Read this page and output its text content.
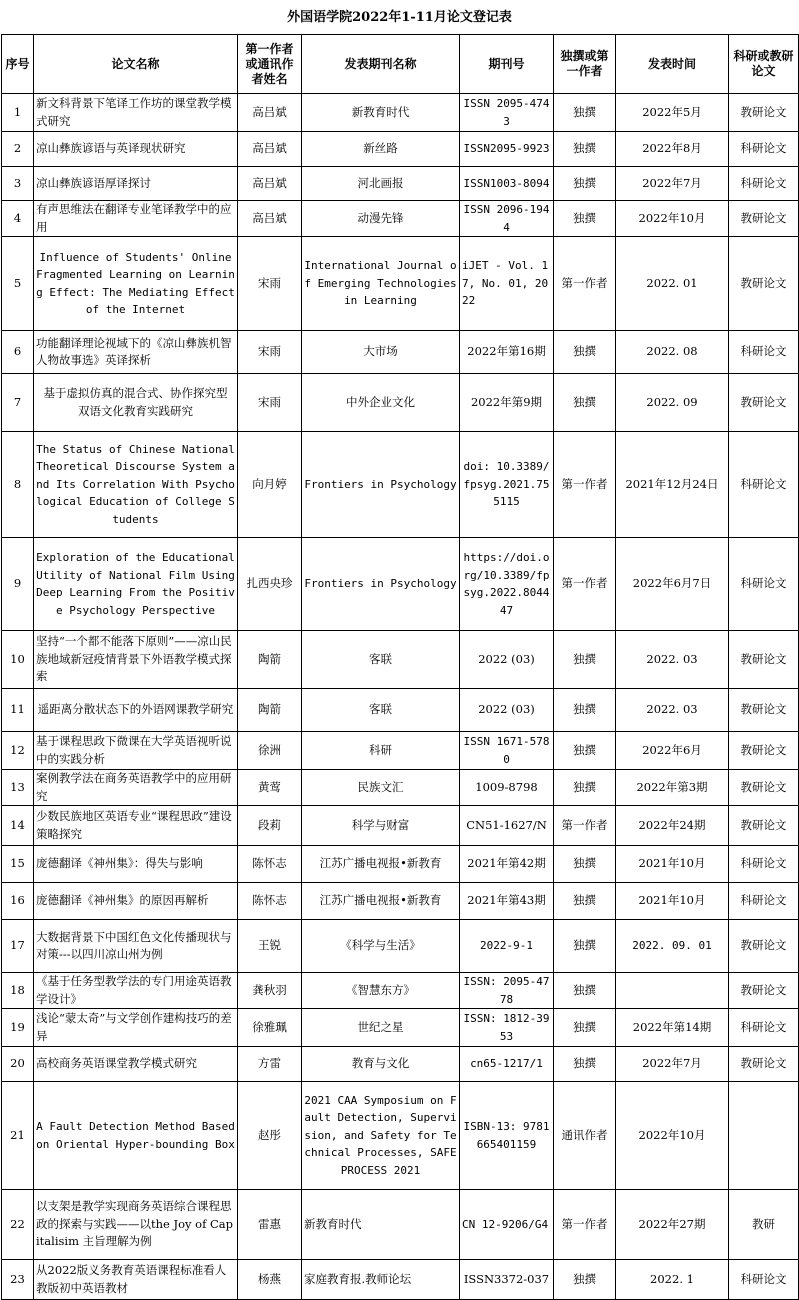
外国语学院2022年1-11月论文登记表
序号	论文名称	第一作者或通讯作者姓名	发表期刊名称	期刊号	独撰或第一作者	发表时间	科研或教研论文
1	新文科背景下笔译工作坊的课堂教学模式研究	高吕斌	新教育时代	ISSN 2095-4743	独撰	2022年5月	教研论文
2	凉山彝族谚语与英译现状研究	高吕斌	新丝路	ISSN2095-9923	独撰	2022年8月	科研论文
3	凉山彝族谚语厚译探讨	高吕斌	河北画报	ISSN1003-8094	独撰	2022年7月	科研论文
4	有声思维法在翻译专业笔译教学中的应用	高吕斌	动漫先锋	ISSN 2096-1944	独撰	2022年10月	教研论文
5	Influence of Students' Online Fragmented Learning on Learning Effect: The Mediating Effect of the Internet	宋雨	International Journal of Emerging Technologies in Learning	iJET - Vol. 17, No. 01, 2022	第一作者	2022. 01	教研论文
6	功能翻译理论视域下的《凉山彝族机智人物故事选》英译探析	宋雨	大市场	2022年第16期	独撰	2022. 08	科研论文
7	基于虚拟仿真的混合式、协作探究型 双语文化教育实践研究	宋雨	中外企业文化	2022年第9期	独撰	2022. 09	教研论文
8	The Status of Chinese National Theoretical Discourse System and Its Correlation With Psychological Education of College Students	向月婷	Frontiers in Psychology	doi: 10.3389/fpsyg.2021.755115	第一作者	2021年12月24日	科研论文
9	Exploration of the Educational Utility of National Film Using Deep Learning From the Positive Psychology Perspective	扎西央珍	Frontiers in Psychology	https://doi.org/10.3389/fpsyg.2022.804447	第一作者	2022年6月7日	科研论文
10	坚持“一个都不能落下原则”——凉山民族地域新冠疫情背景下外语教学模式探索	陶箭	客联	2022 (03)	独撰	2022. 03	教研论文
11	遥距离分散状态下的外语网课教学研究	陶箭	客联	2022 (03)	独撰	2022. 03	教研论文
12	基于课程思政下微课在大学英语视听说中的实践分析	徐洲	科研	ISSN 1671-5780	独撰	2022年6月	教研论文
13	案例教学法在商务英语教学中的应用研究	黄莺	民族文汇	1009-8798	独撰	2022年第3期	教研论文
14	少数民族地区英语专业“课程思政”建设策略探究	段莉	科学与财富	CN51-1627/N	第一作者	2022年24期	教研论文
15	庞德翻译《神州集》：得失与影响	陈怀志	江苏广播电视报•新教育	2021年第42期	独撰	2021年10月	科研论文
16	庞德翻译《神州集》的原因再解析	陈怀志	江苏广播电视报•新教育	2021年第43期	独撰	2021年10月	科研论文
17	大数据背景下中国红色文化传播现状与对策---以四川凉山州为例	王锐	《科学与生活》	2022-9-1	独撰	2022. 09. 01	教研论文
18	《基于任务型教学法的专门用途英语教学设计》	龚秋羽	《智慧东方》	ISSN: 2095-4778	独撰		教研论文
19	浅论“蒙太奇”与文学创作建构技巧的差异	徐雅珮	世纪之星	ISSN: 1812-3953	独撰	2022年第14期	科研论文
20	高校商务英语课堂教学模式研究	方雷	教育与文化	cn65-1217/1	独撰	2022年7月	教研论文
21	A Fault Detection Method Based on Oriental Hyper-bounding Box	赵彤	2021 CAA Symposium on Fault Detection, Supervision, and Safety for Technical Processes, SAFEPROCESS 2021	ISBN-13: 9781665401159	通讯作者	2022年10月	
22	以支架是教学实现商务英语综合课程思政的探索与实践——以the Joy of Capitalisim 主旨理解为例	雷惠	新教育时代	CN 12-9206/G4	第一作者	2022年27期	教研
23	从2022版义务教育英语课程标准看人教版初中英语教材	杨燕	家庭教育报.教师论坛	ISSN3372-037	独撰	2022. 1	科研论文
